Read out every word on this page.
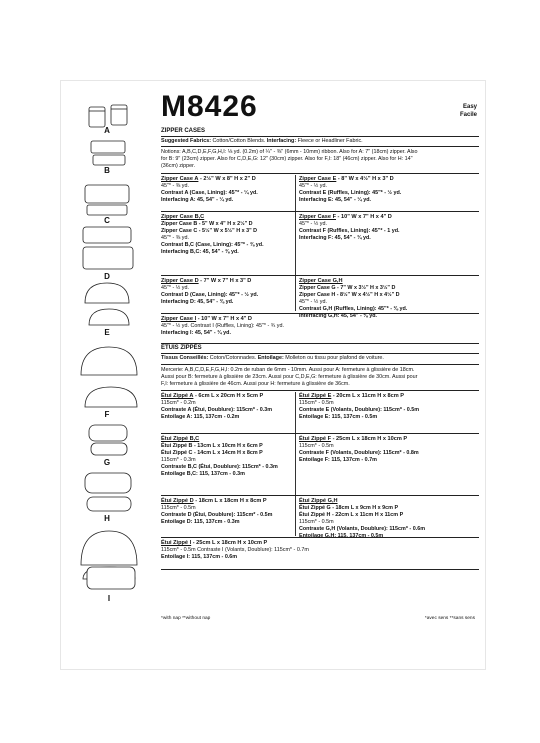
A
B
C
D
E
F
G
H
I
M8426	Easy
Facile
ZIPPER CASES
Suggested Fabrics: Cotton/Cotton Blends. Interfacing: Fleece or Headliner Fabric.
Notions: A,B,C,D,E,F,G,H,I: ⅛ yd. (0.2m) of ¼" - ⅜" (6mm - 10mm) ribbon. Also for A: 7" (18cm) zipper. Also
for B: 9" (23cm) zipper. Also for C,D,E,G: 12" (30cm) zipper. Also for F,I: 18" (46cm) zipper. Also for H: 14"
(36cm) zipper.
Zipper Case A - 2½" W x 8" H x 2" D
45"* - ⅜ yd.
Contrast A (Case, Lining): 45"* - ¼ yd.
Interfacing A: 45, 54" - ¼ yd.
Zipper Case B,C
Zipper Case B - 5" W x 4" H x 2½" D
Zipper Case C - 5½" W x 5½" H x 3" D
45"* - ⅜ yd.
Contrast B,C (Case, Lining): 45"* - ⅜ yd.
Interfacing B,C: 45, 54" - ⅜ yd.
Zipper Case D - 7" W x 7" H x 3" D
45"* - ½ yd.
Contrast D (Case, Lining): 45"* - ½ yd.
Interfacing D: 45, 54" - ⅜ yd.
Zipper Case I - 10" W x 7" H x 4" D
45"* - ½ yd. Contrast I (Ruffles, Lining): 45"* - ¾ yd.
Interfacing I: 45, 54" - ¾ yd.
Zipper Case E - 8" W x 4½" H x 3" D
45"* - ½ yd.
Contrast E (Ruffles, Lining): 45"* - ½ yd.
Interfacing E: 45, 54" - ¼ yd.
Zipper Case F - 10" W x 7" H x 4" D
45"* - ½ yd.
Contrast F (Ruffles, Lining): 45"* - 1 yd.
Interfacing F: 45, 54" - ¾ yd.
Zipper Case G,H
Zipper Case G - 7" W x 3½" H x 3½" D
Zipper Case H - 8½" W x 4½" H x 4½" D
45"* - ½ yd.
Contrast G,H (Ruffles, Lining): 45"* - ⅜ yd.
Interfacing G,H: 45, 54" - ⅜ yd.
ÉTUIS ZIPPÉS
Tissus Conseillés: Coton/Cotonnades. Entoilage: Molleton ou tissu pour plafond de voiture.
Mercerie: A,B,C,D,E,F,G,H,I: 0.2m de ruban de 6mm - 10mm. Aussi pour A: fermeture à glissière de 18cm.
Aussi pour B: fermeture à glissière de 23cm. Aussi pour C,D,E,G: fermeture à glissière de 30cm. Aussi pour
F,I: fermeture à glissière de 46cm. Aussi pour H: fermeture à glissière de 36cm.
Étui Zippé A - 6cm L x 20cm H x 5cm P
115cm* - 0.2m
Contraste A (Étui, Doublure): 115cm* - 0.3m
Entoilage A: 115, 137cm - 0.2m
Étui Zippé B,C
Étui Zippé B - 13cm L x 10cm H x 6cm P
Étui Zippé C - 14cm L x 14cm H x 8cm P
115cm* - 0.3m
Contraste B,C (Étui, Doublure): 115cm* - 0.3m
Entoilage B,C: 115, 137cm - 0.3m
Étui Zippé D - 18cm L x 18cm H x 8cm P
115cm* - 0.5m
Contraste D (Étui, Doublure): 115cm* - 0.5m
Entoilage D: 115, 137cm - 0.3m
Étui Zippé I - 25cm L x 18cm H x 10cm P
115cm* - 0.5m Contraste I (Volants, Doublure): 115cm* - 0.7m
Entoilage I: 115, 137cm - 0.6m
Étui Zippé E - 20cm L x 11cm H x 8cm P
115cm* - 0.5m
Contraste E (Volants, Doublure): 115cm* - 0.5m
Entoilage E: 115, 137cm - 0.5m
Étui Zippé F - 25cm L x 18cm H x 10cm P
115cm* - 0.5m
Contraste F (Volants, Doublure): 115cm* - 0.8m
Entoilage F: 115, 137cm - 0.7m
Étui Zippé G,H
Étui Zippé G - 18cm L x 9cm H x 9cm P
Étui Zippé H - 22cm L x 11cm H x 11cm P
115cm* - 0.5m
Contraste G,H (Volants, Doublure): 115cm* - 0.6m
Entoilage G,H: 115, 137cm - 0.5m
*with nap **without nap	*avec sens **sans sens
